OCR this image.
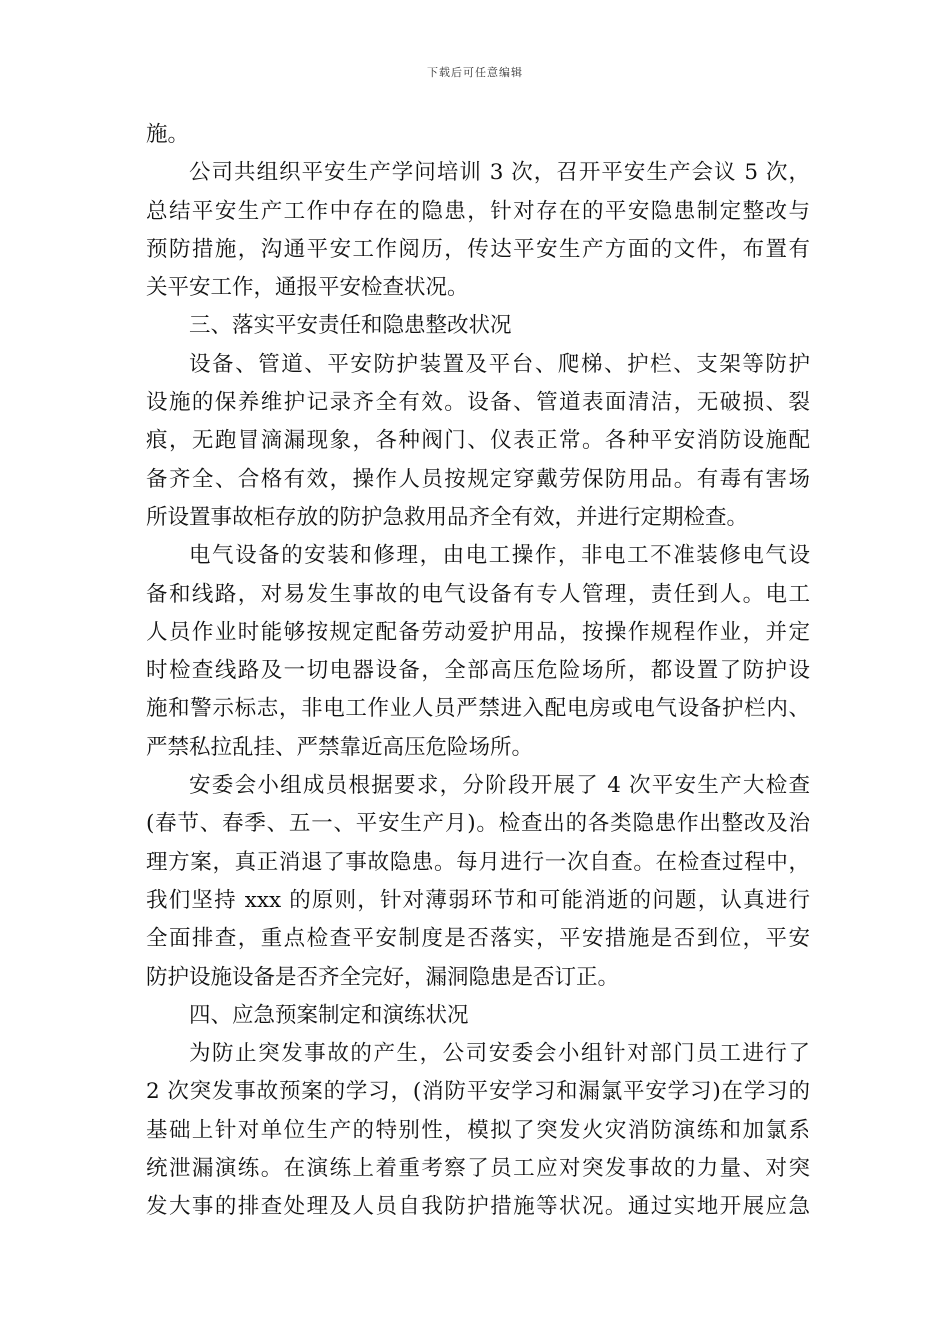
下载后可任意编辑
施。
公司共组织平安生产学问培训 3 次，召开平安生产会议 5 次，
总结平安生产工作中存在的隐患，针对存在的平安隐患制定整改与
预防措施，沟通平安工作阅历，传达平安生产方面的文件，布置有
关平安工作，通报平安检查状况。
三、落实平安责任和隐患整改状况
设备、管道、平安防护装置及平台、爬梯、护栏、支架等防护
设施的保养维护记录齐全有效。设备、管道表面清洁，无破损、裂
痕，无跑冒滴漏现象，各种阀门、仪表正常。各种平安消防设施配
备齐全、合格有效，操作人员按规定穿戴劳保防用品。有毒有害场
所设置事故柜存放的防护急救用品齐全有效，并进行定期检查。
电气设备的安装和修理，由电工操作，非电工不准装修电气设
备和线路，对易发生事故的电气设备有专人管理，责任到人。电工
人员作业时能够按规定配备劳动爱护用品，按操作规程作业，并定
时检查线路及一切电器设备，全部高压危险场所，都设置了防护设
施和警示标志，非电工作业人员严禁进入配电房或电气设备护栏内、
严禁私拉乱挂、严禁靠近高压危险场所。
安委会小组成员根据要求，分阶段开展了 4 次平安生产大检查
(春节、春季、五一、平安生产月)。检查出的各类隐患作出整改及治
理方案，真正消退了事故隐患。每月进行一次自查。在检查过程中，
我们坚持 xxx 的原则，针对薄弱环节和可能消逝的问题，认真进行
全面排查，重点检查平安制度是否落实，平安措施是否到位，平安
防护设施设备是否齐全完好，漏洞隐患是否订正。
四、应急预案制定和演练状况
为防止突发事故的产生，公司安委会小组针对部门员工进行了
2 次突发事故预案的学习，(消防平安学习和漏氯平安学习)在学习的
基础上针对单位生产的特别性，模拟了突发火灾消防演练和加氯系
统泄漏演练。在演练上着重考察了员工应对突发事故的力量、对突
发大事的排查处理及人员自我防护措施等状况。通过实地开展应急
